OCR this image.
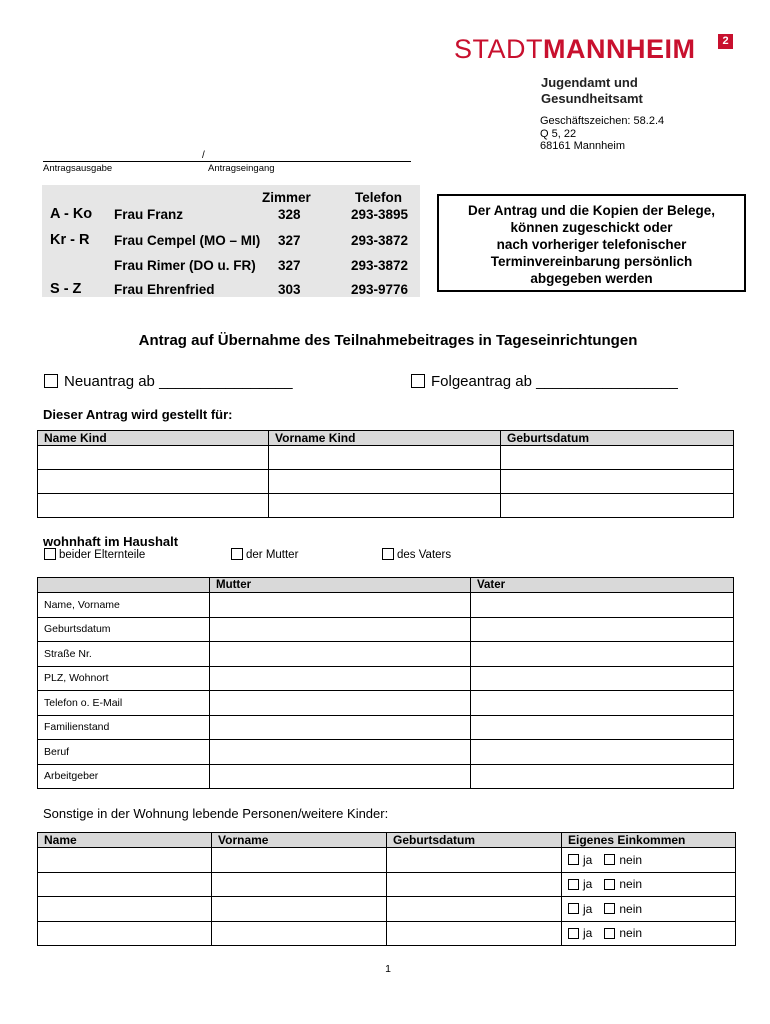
STADTMANNHEIM	2
Jugendamt und
Gesundheitsamt
Geschäftszeichen: 58.2.4
Q 5, 22
68161 Mannheim
/
Antragsausgabe	Antragseingang
Zimmer	Telefon
A - Ko Frau Franz	328	293-3895
Kr - R Frau Cempel (MO – MI) 327	293-3872
Frau Rimer (DO u. FR) 327	293-3872
S - Z Frau Ehrenfried	303	293-9776
Der Antrag und die Kopien der Belege,
können zugeschickt oder
nach vorheriger telefonischer
Terminvereinbarung persönlich
abgegeben werden
Antrag auf Übernahme des Teilnahmebeitrages in Tageseinrichtungen
Neuantrag ab ________________	Folgeantrag ab _________________
Dieser Antrag wird gestellt für:
Name Kind	Vorname Kind	Geburtsdatum

wohnhaft im Haushalt
beider Elternteile	der Mutter	des Vaters
	Mutter	Vater
Name, Vorname		
Geburtsdatum		
Straße Nr.		
PLZ, Wohnort		
Telefon o. E-Mail		
Familienstand		
Beruf		
Arbeitgeber		
Sonstige in der Wohnung lebende Personen/weitere Kinder:
Name	Vorname	Geburtsdatum	Eigenes Einkommen
			ja nein
			ja nein
			ja nein
			ja nein
1
